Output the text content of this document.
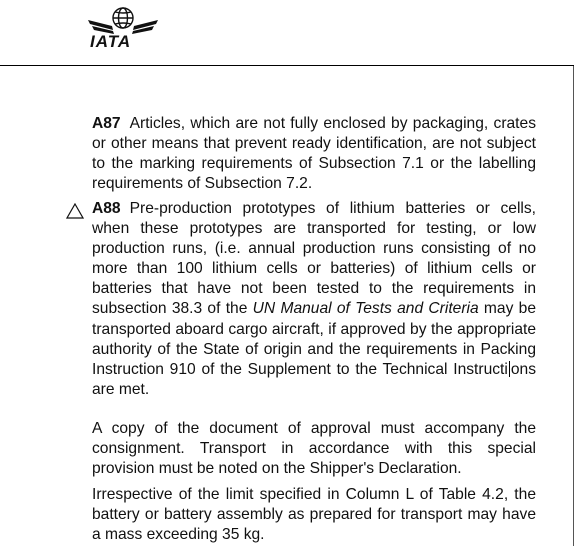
IATA

A87 Articles, which are not fully enclosed by packaging, crates or other means that prevent ready identification, are not subject to the marking requirements of Subsection 7.1 or the labelling requirements of Subsection 7.2.

A88 Pre-production prototypes of lithium batteries or cells, when these prototypes are transported for testing, or low production runs, (i.e. annual production runs consisting of no more than 100 lithium cells or batteries) of lithium cells or batteries that have not been tested to the requirements in subsection 38.3 of the UN Manual of Tests and Criteria may be transported aboard cargo aircraft, if approved by the appropriate authority of the State of origin and the requirements in Packing Instruction 910 of the Supplement to the Technical Instructi ons are met.

A copy of the document of approval must accompany the consignment. Transport in accordance with this special provision must be noted on the Shipper's Declaration.

Irrespective of the limit specified in Column L of Table 4.2, the battery or battery assembly as prepared for transport may have a mass exceeding 35 kg.
